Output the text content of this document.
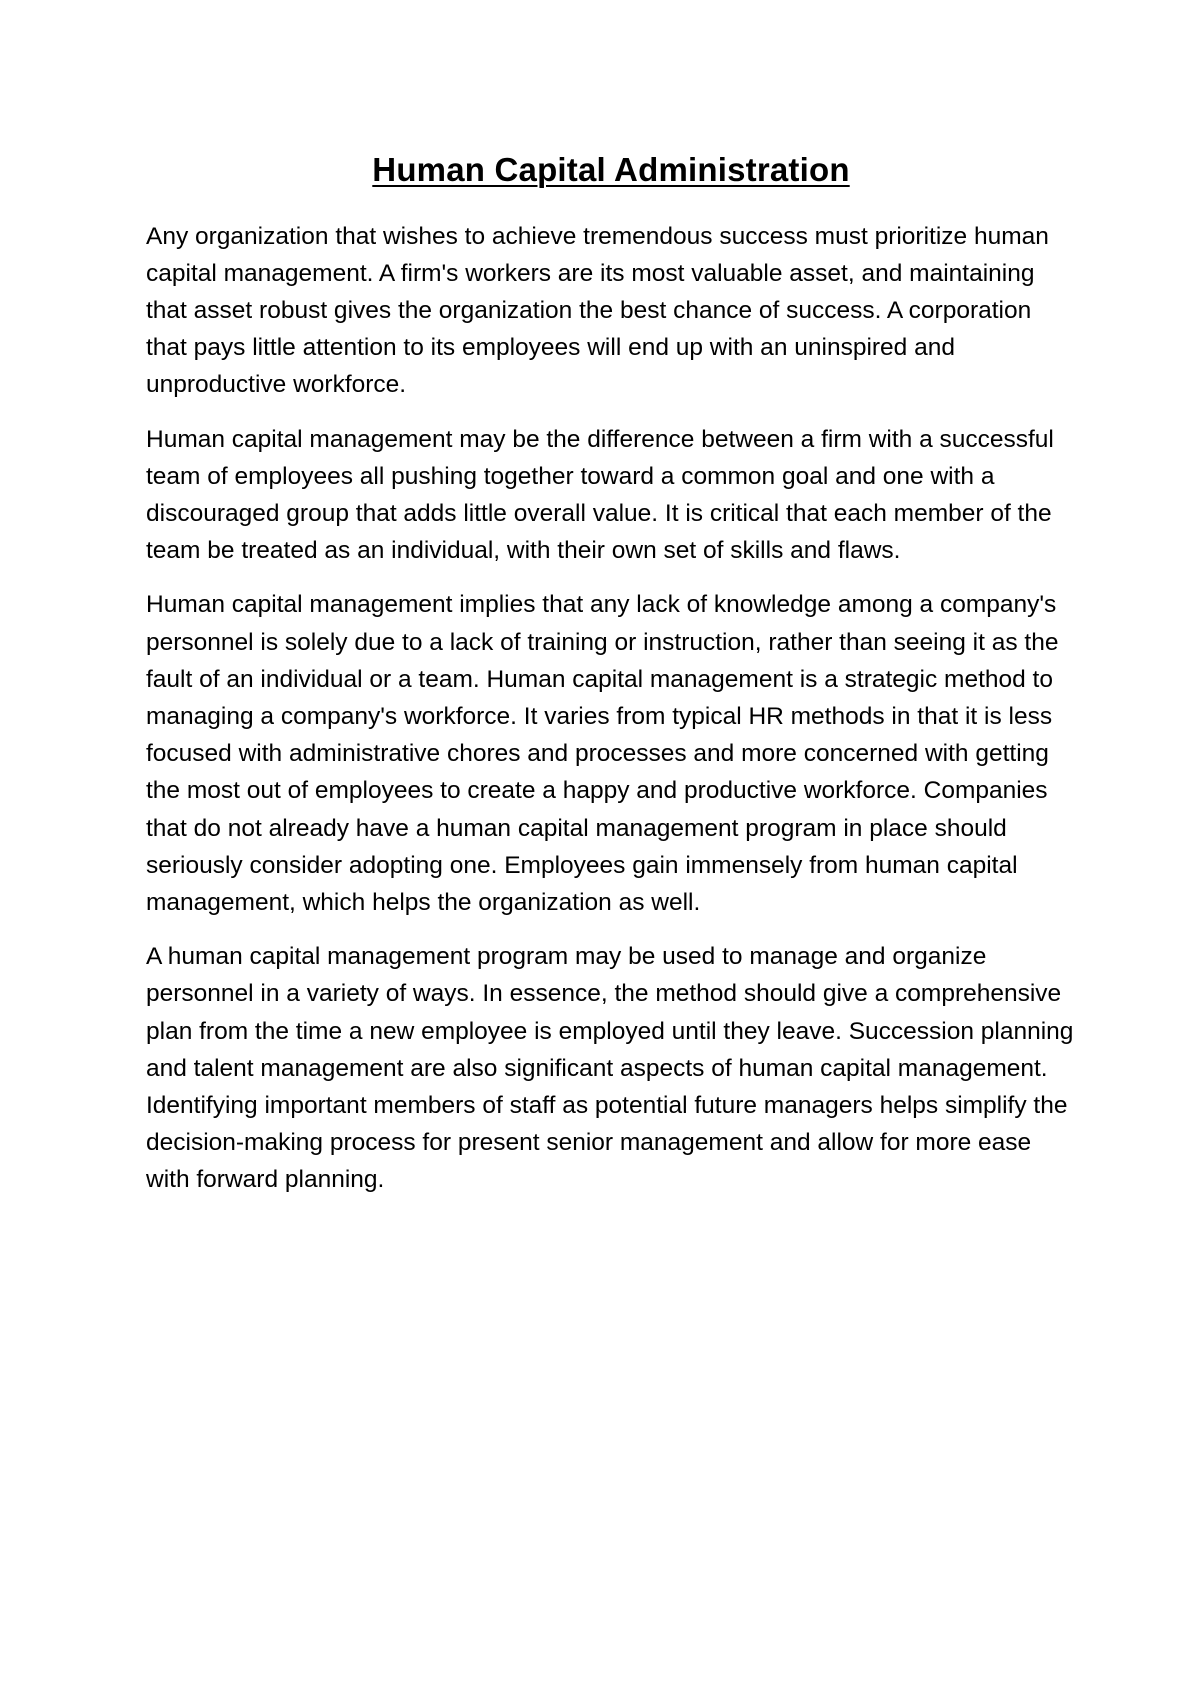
Human Capital Administration

Any organization that wishes to achieve tremendous success must prioritize human capital management. A firm's workers are its most valuable asset, and maintaining that asset robust gives the organization the best chance of success. A corporation that pays little attention to its employees will end up with an uninspired and unproductive workforce.

Human capital management may be the difference between a firm with a successful team of employees all pushing together toward a common goal and one with a discouraged group that adds little overall value. It is critical that each member of the team be treated as an individual, with their own set of skills and flaws.

Human capital management implies that any lack of knowledge among a company's personnel is solely due to a lack of training or instruction, rather than seeing it as the fault of an individual or a team. Human capital management is a strategic method to managing a company's workforce. It varies from typical HR methods in that it is less focused with administrative chores and processes and more concerned with getting the most out of employees to create a happy and productive workforce. Companies that do not already have a human capital management program in place should seriously consider adopting one. Employees gain immensely from human capital management, which helps the organization as well.

A human capital management program may be used to manage and organize personnel in a variety of ways. In essence, the method should give a comprehensive plan from the time a new employee is employed until they leave. Succession planning and talent management are also significant aspects of human capital management. Identifying important members of staff as potential future managers helps simplify the decision-making process for present senior management and allow for more ease with forward planning.
